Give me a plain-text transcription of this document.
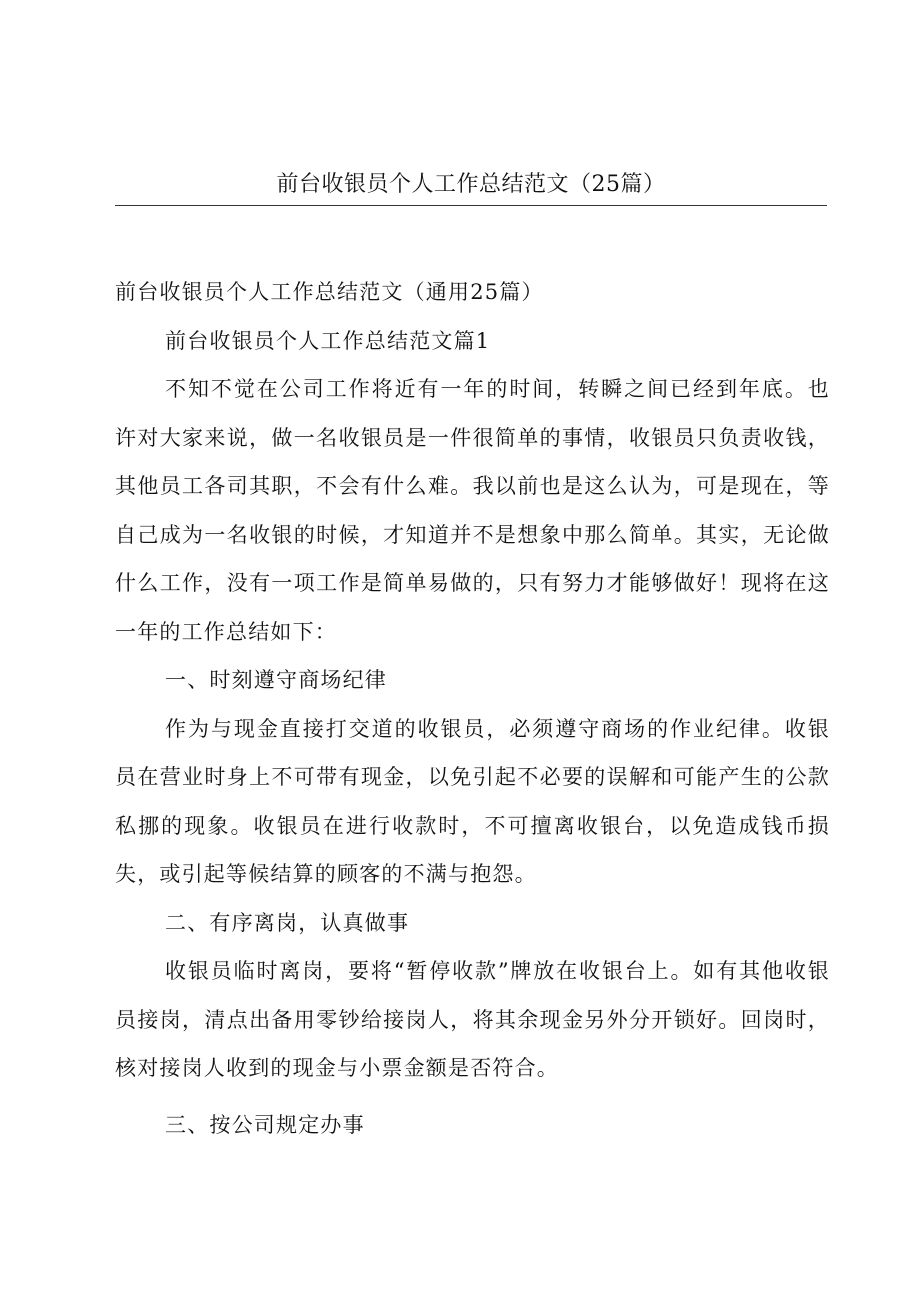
前台收银员个人工作总结范文（25篇）

前台收银员个人工作总结范文（通用25篇）

前台收银员个人工作总结范文篇1

不知不觉在公司工作将近有一年的时间，转瞬之间已经到年底。也许对大家来说，做一名收银员是一件很简单的事情，收银员只负责收钱，其他员工各司其职，不会有什么难。我以前也是这么认为，可是现在，等自己成为一名收银的时候，才知道并不是想象中那么简单。其实，无论做什么工作，没有一项工作是简单易做的，只有努力才能够做好！现将在这一年的工作总结如下：

一、时刻遵守商场纪律

作为与现金直接打交道的收银员，必须遵守商场的作业纪律。收银员在营业时身上不可带有现金，以免引起不必要的误解和可能产生的公款私挪的现象。收银员在进行收款时，不可擅离收银台，以免造成钱币损失，或引起等候结算的顾客的不满与抱怨。

二、有序离岗，认真做事

收银员临时离岗，要将“暂停收款”牌放在收银台上。如有其他收银员接岗，清点出备用零钞给接岗人，将其余现金另外分开锁好。回岗时，核对接岗人收到的现金与小票金额是否符合。

三、按公司规定办事
